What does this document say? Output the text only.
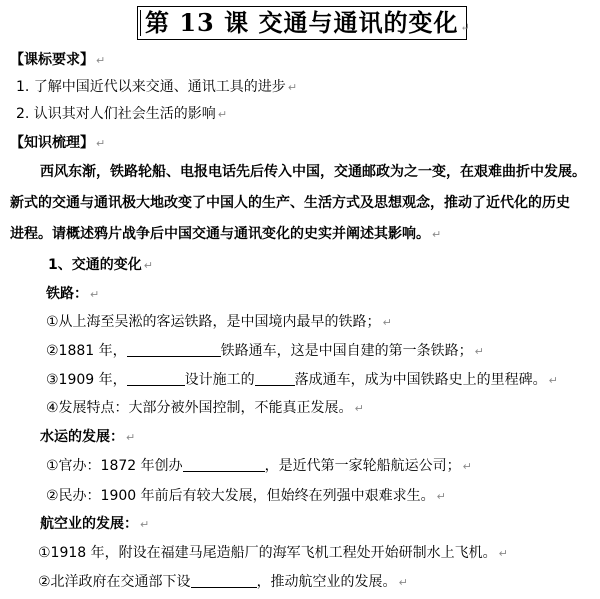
第 13 课 交通与通讯的变化 ↵
【课标要求】 ↵
1. 了解中国近代以来交通、通讯工具的进步 ↵
2. 认识其对人们社会生活的影响 ↵
【知识梳理】 ↵
西风东渐，铁路轮船、电报电话先后传入中国，交通邮政为之一变，在艰难曲折中发展。
新式的交通与通讯极大地改变了中国人的生产、生活方式及思想观念，推动了近代化的历史
进程。请概述鸦片战争后中国交通与通讯变化的史实并阐述其影响。 ↵
1、交通的变化 ↵
铁路： ↵
①从上海至吴淞的客运铁路，是中国境内最早的铁路； ↵
②1881 年，	铁路通车，这是中国自建的第一条铁路； ↵
③1909 年，	设计施工的	落成通车，成为中国铁路史上的里程碑。 ↵
④发展特点：大部分被外国控制，不能真正发展。 ↵
水运的发展： ↵
①官办：1872 年创办	，是近代第一家轮船航运公司； ↵
②民办：1900 年前后有较大发展，但始终在列强中艰难求生。 ↵
航空业的发展： ↵
①1918 年，附设在福建马尾造船厂的海军飞机工程处开始研制水上飞机。 ↵
②北洋政府在交通部下设	，推动航空业的发展。 ↵
